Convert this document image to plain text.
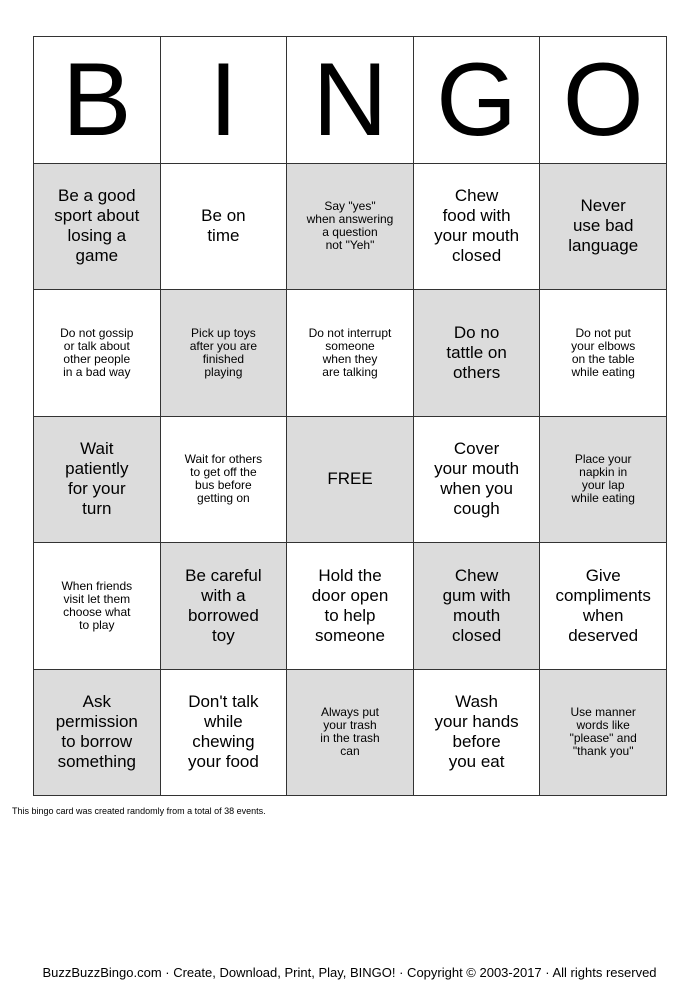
B I N G O
Be a good
sport about
losing a
game
Be on
time
Say "yes"
when answering
a question
not "Yeh"
Chew
food with
your mouth
closed
Never
use bad
language
Do not gossip
or talk about
other people
in a bad way
Pick up toys
after you are
finished
playing
Do not interrupt
someone
when they
are talking
Do no
tattle on
others
Do not put
your elbows
on the table
while eating
Wait
patiently
for your
turn
Wait for others
to get off the
bus before
getting on
FREE
Cover
your mouth
when you
cough
Place your
napkin in
your lap
while eating
When friends
visit let them
choose what
to play
Be careful
with a
borrowed
toy
Hold the
door open
to help
someone
Chew
gum with
mouth
closed
Give
compliments
when
deserved
Ask
permission
to borrow
something
Don't talk
while
chewing
your food
Always put
your trash
in the trash
can
Wash
your hands
before
you eat
Use manner
words like
"please" and
"thank you"
This bingo card was created randomly from a total of 38 events.
BuzzBuzzBingo.com · Create, Download, Print, Play, BINGO! · Copyright © 2003-2017 · All rights reserved
